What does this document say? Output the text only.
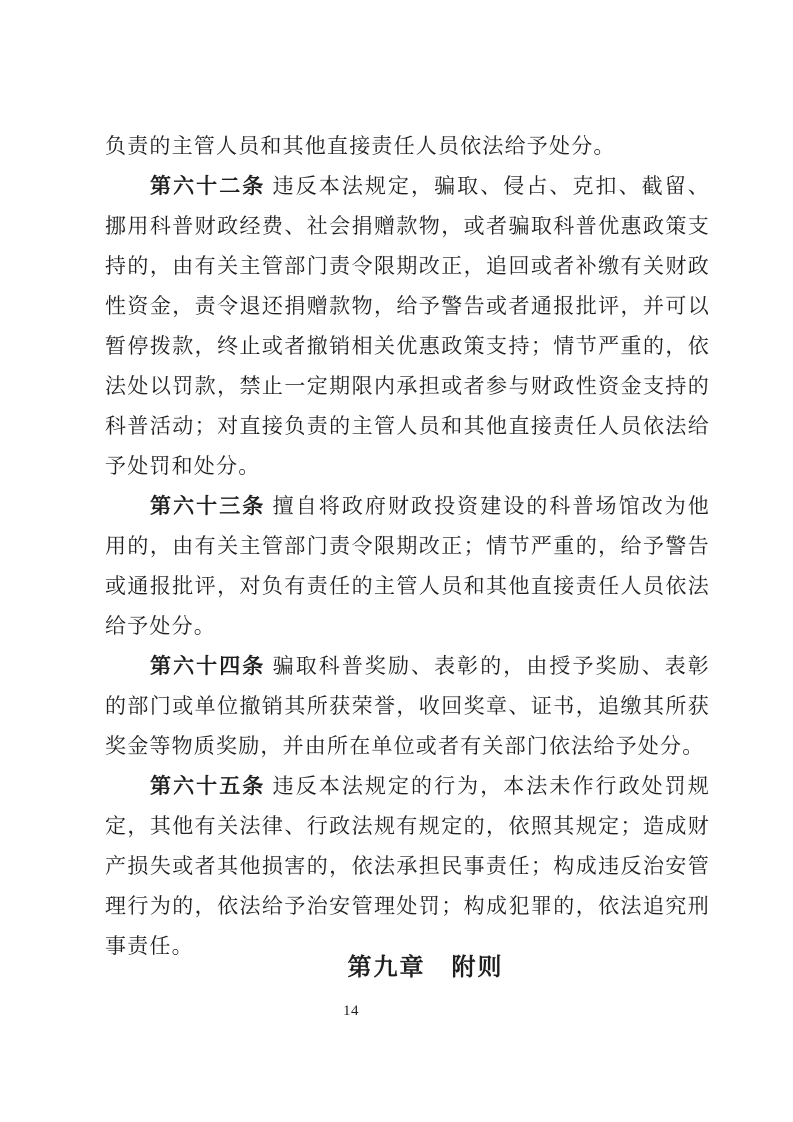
负责的主管人员和其他直接责任人员依法给予处分。
第六十二条 违反本法规定，骗取、侵占、克扣、截留、
挪用科普财政经费、社会捐赠款物，或者骗取科普优惠政策支
持的，由有关主管部门责令限期改正，追回或者补缴有关财政
性资金，责令退还捐赠款物，给予警告或者通报批评，并可以
暂停拨款，终止或者撤销相关优惠政策支持；情节严重的，依
法处以罚款，禁止一定期限内承担或者参与财政性资金支持的
科普活动；对直接负责的主管人员和其他直接责任人员依法给
予处罚和处分。
第六十三条 擅自将政府财政投资建设的科普场馆改为他
用的，由有关主管部门责令限期改正；情节严重的，给予警告
或通报批评，对负有责任的主管人员和其他直接责任人员依法
给予处分。
第六十四条 骗取科普奖励、表彰的，由授予奖励、表彰
的部门或单位撤销其所获荣誉，收回奖章、证书，追缴其所获
奖金等物质奖励，并由所在单位或者有关部门依法给予处分。
第六十五条 违反本法规定的行为，本法未作行政处罚规
定，其他有关法律、行政法规有规定的，依照其规定；造成财
产损失或者其他损害的，依法承担民事责任；构成违反治安管
理行为的，依法给予治安管理处罚；构成犯罪的，依法追究刑
事责任。
第九章　附则
14
